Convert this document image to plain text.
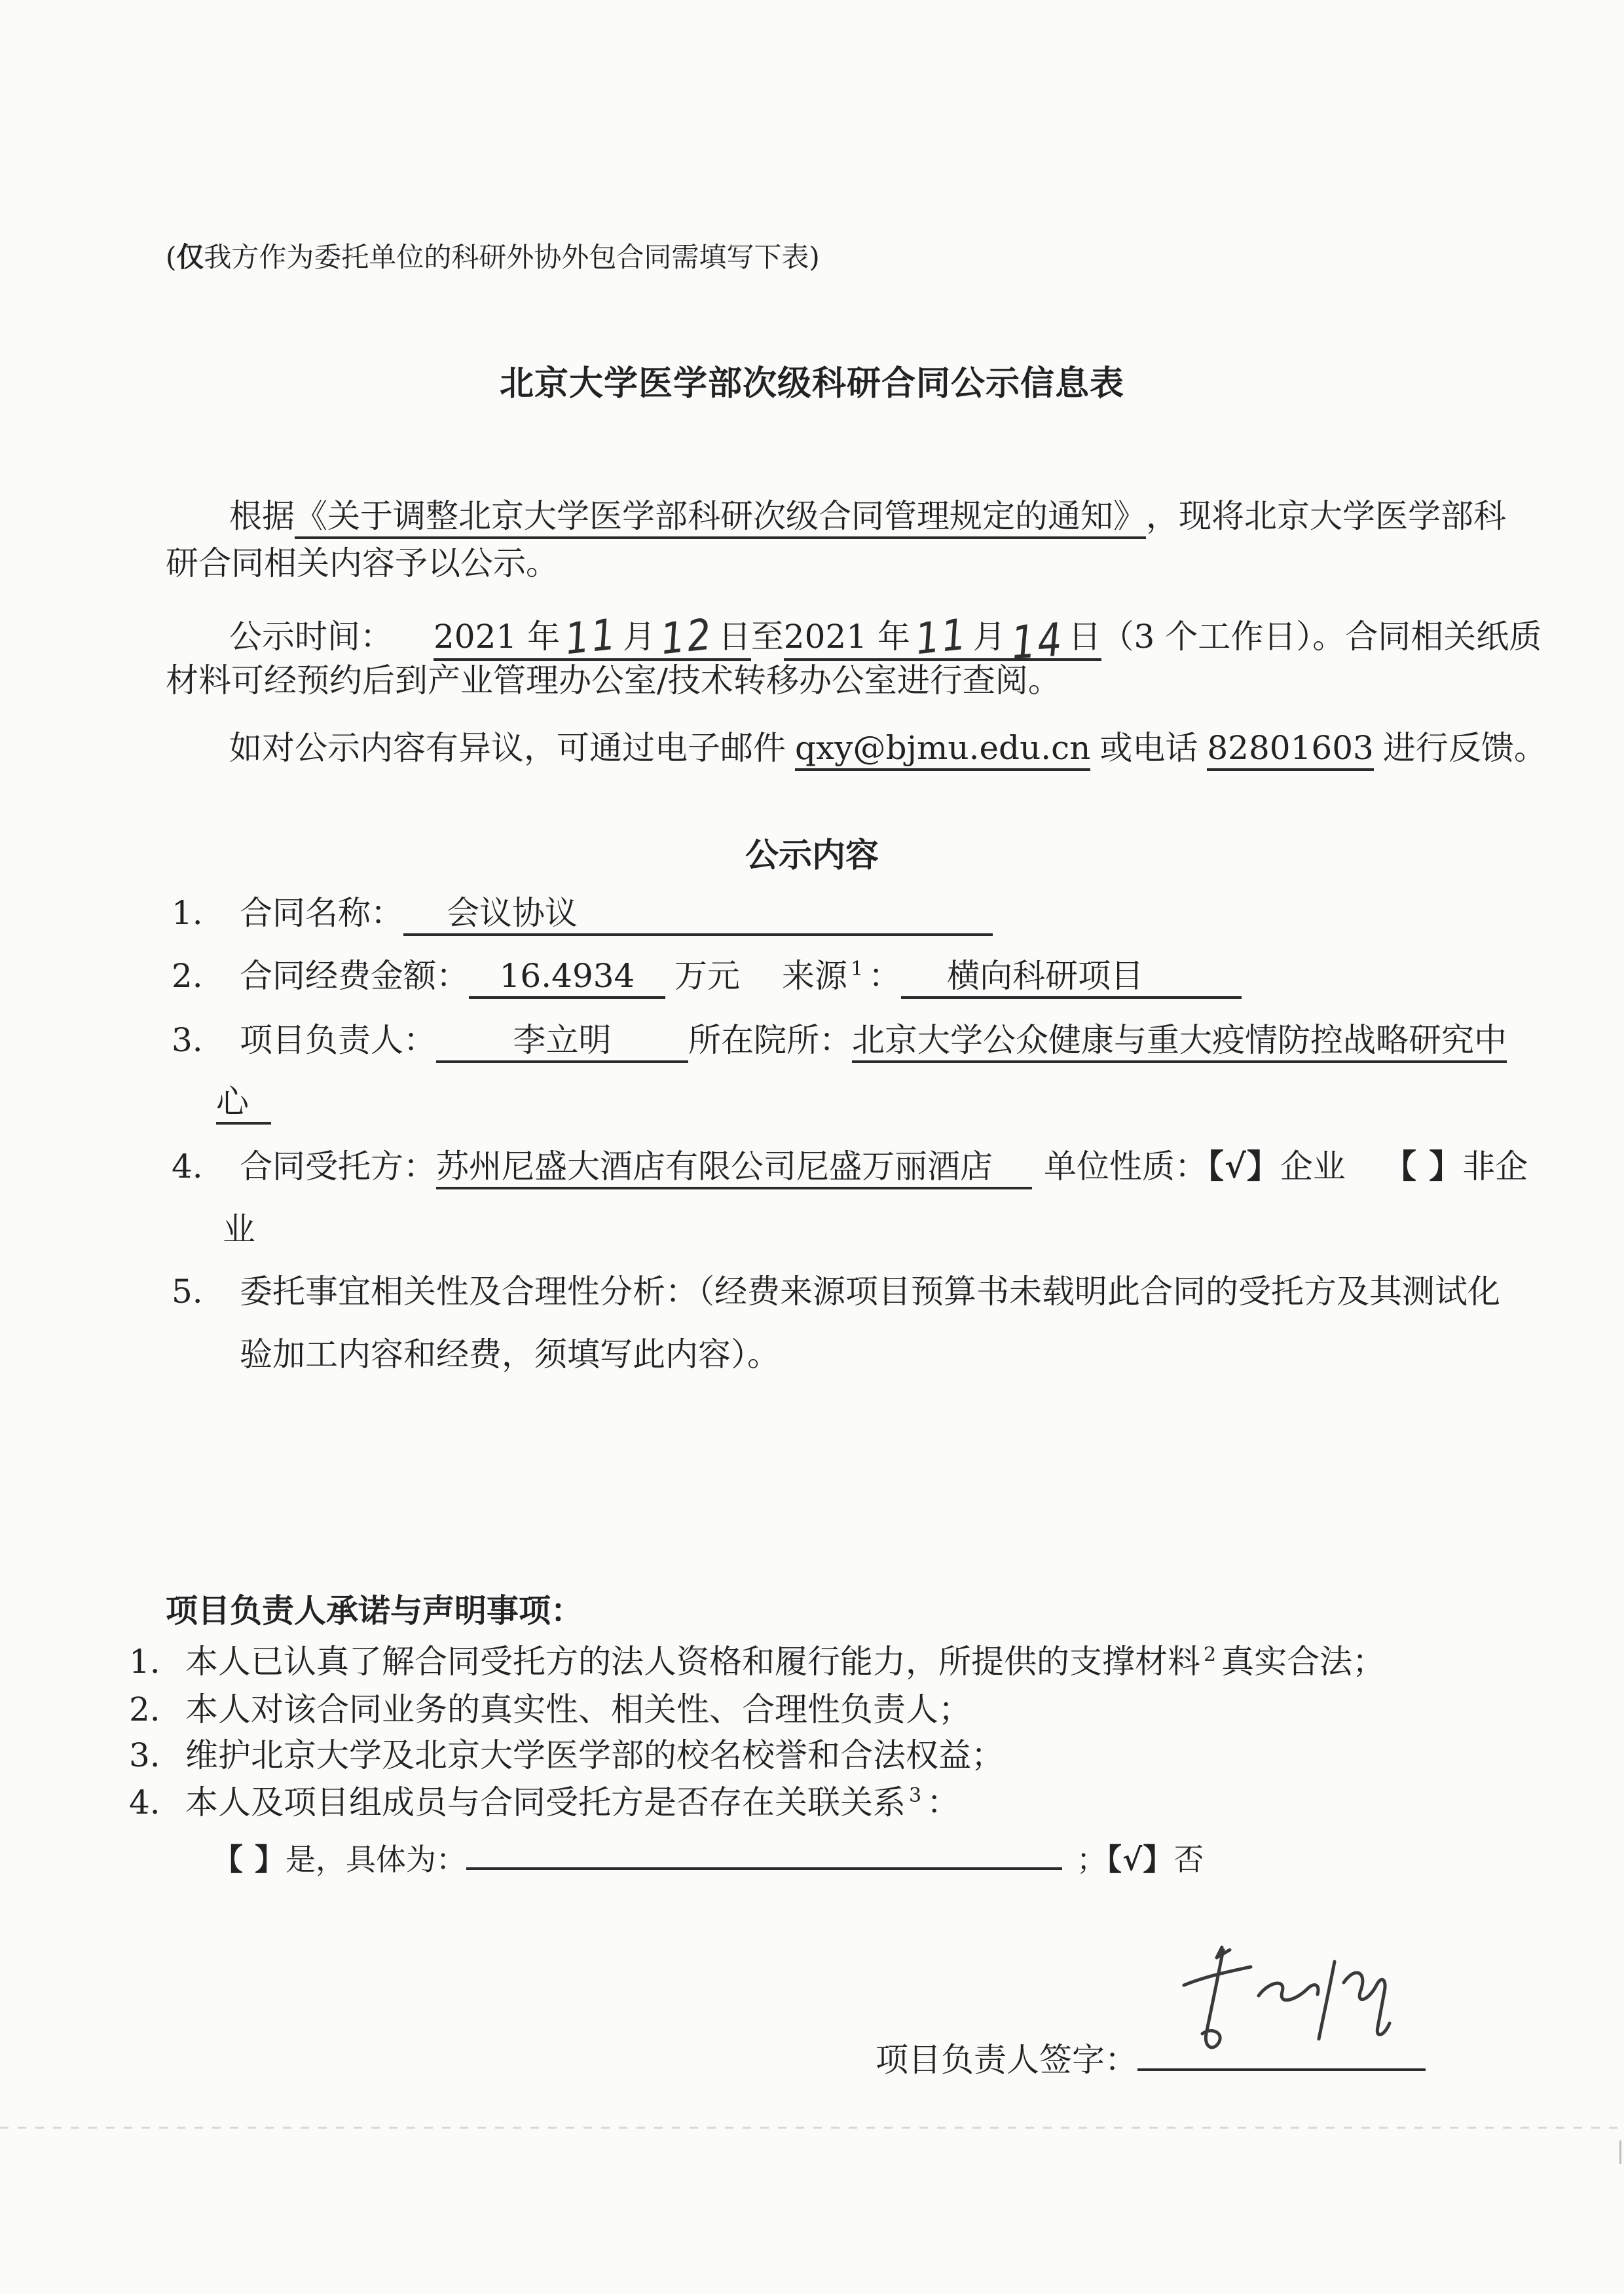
(仅我方作为委托单位的科研外协外包合同需填写下表)
北京大学医学部次级科研合同公示信息表
根据《关于调整北京大学医学部科研次级合同管理规定的通知》，现将北京大学医学部科
研合同相关内容予以公示。
公示时间： 2021 年11月12日至2021 年11月14日（3 个工作日）。合同相关纸质
材料可经预约后到产业管理办公室/技术转移办公室进行查阅。
如对公示内容有异议，可通过电子邮件 qxy@bjmu.edu.cn 或电话 82801603 进行反馈。
公示内容
1. 合同名称： 会议协议
2. 合同经费金额： 16.4934 万元 来源 $^1$ ： 横向科研项目
3. 项目负责人： 李立明 所在院所：北京大学公众健康与重大疫情防控战略研究中
心
4. 合同受托方：苏州尼盛大酒店有限公司尼盛万丽酒店 单位性质：【√】企业 【 】非企
业
5. 委托事宜相关性及合理性分析：（经费来源项目预算书未载明此合同的受托方及其测试化
验加工内容和经费，须填写此内容）。
项目负责人承诺与声明事项：
1. 本人已认真了解合同受托方的法人资格和履行能力，所提供的支撑材料 $^2$ 真实合法；
2. 本人对该合同业务的真实性、相关性、合理性负责人；
3. 维护北京大学及北京大学医学部的校名校誉和合法权益；
4. 本人及项目组成员与合同受托方是否存在关联关系 $^3$ ：
【 】是，具体为：	；【√】否
项目负责人签字：
